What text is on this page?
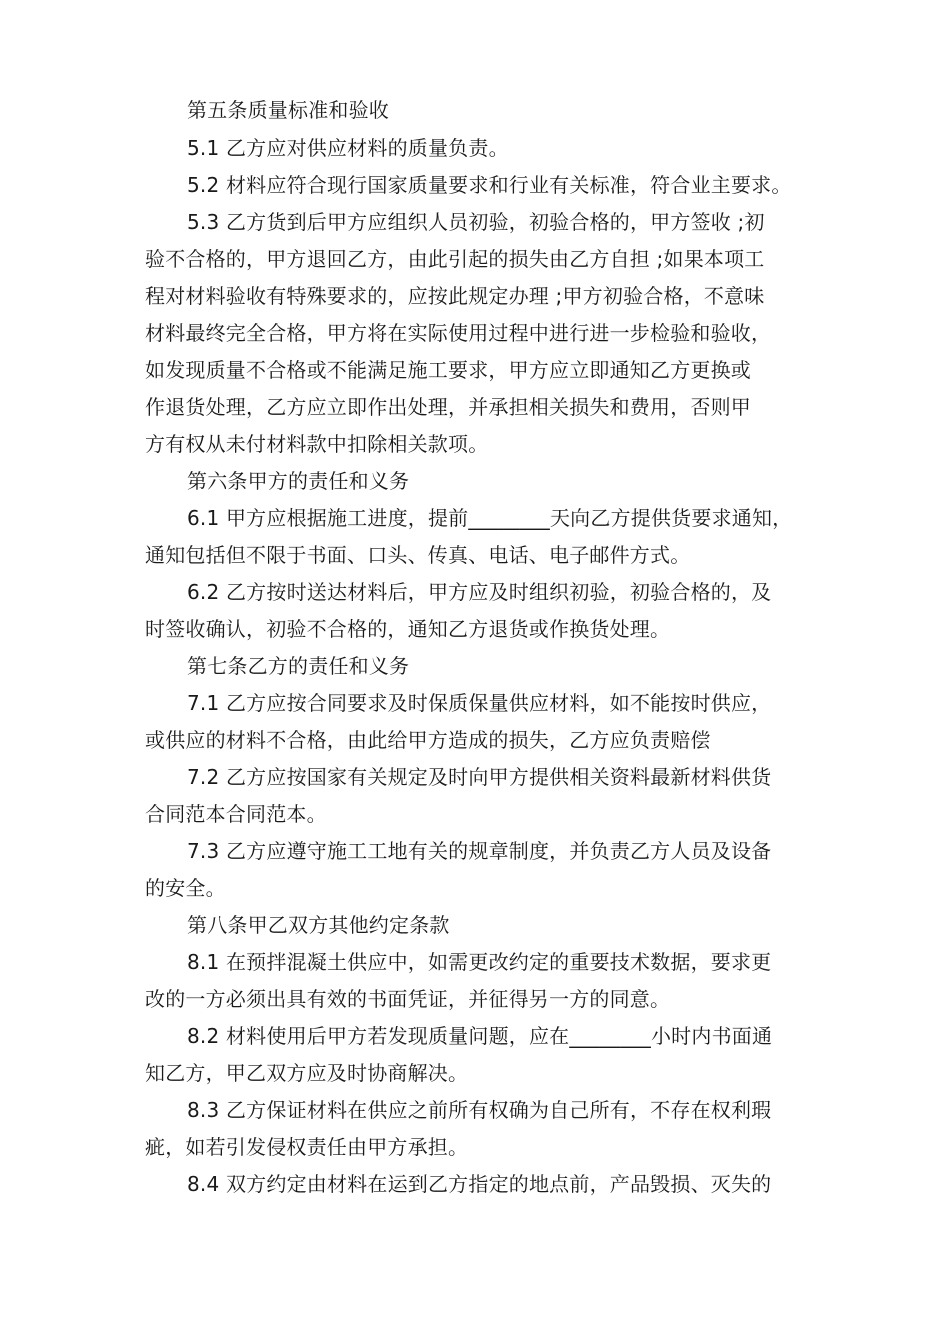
第五条质量标准和验收
5.1 乙方应对供应材料的质量负责。
5.2 材料应符合现行国家质量要求和行业有关标准，符合业主要求。
5.3 乙方货到后甲方应组织人员初验，初验合格的，甲方签收 ;初
验不合格的，甲方退回乙方，由此引起的损失由乙方自担 ;如果本项工
程对材料验收有特殊要求的，应按此规定办理 ;甲方初验合格，不意味
材料最终完全合格，甲方将在实际使用过程中进行进一步检验和验收，
如发现质量不合格或不能满足施工要求，甲方应立即通知乙方更换或
作退货处理，乙方应立即作出处理，并承担相关损失和费用，否则甲
方有权从未付材料款中扣除相关款项。
第六条甲方的责任和义务
6.1 甲方应根据施工进度，提前________天向乙方提供货要求通知，
通知包括但不限于书面、口头、传真、电话、电子邮件方式。
6.2 乙方按时送达材料后，甲方应及时组织初验，初验合格的，及
时签收确认，初验不合格的，通知乙方退货或作换货处理。
第七条乙方的责任和义务
7.1 乙方应按合同要求及时保质保量供应材料，如不能按时供应，
或供应的材料不合格，由此给甲方造成的损失，乙方应负责赔偿
7.2 乙方应按国家有关规定及时向甲方提供相关资料最新材料供货
合同范本合同范本。
7.3 乙方应遵守施工工地有关的规章制度，并负责乙方人员及设备
的安全。
第八条甲乙双方其他约定条款
8.1 在预拌混凝土供应中，如需更改约定的重要技术数据，要求更
改的一方必须出具有效的书面凭证，并征得另一方的同意。
8.2 材料使用后甲方若发现质量问题，应在________小时内书面通
知乙方，甲乙双方应及时协商解决。
8.3 乙方保证材料在供应之前所有权确为自己所有，不存在权利瑕
疵，如若引发侵权责任由甲方承担。
8.4 双方约定由材料在运到乙方指定的地点前，产品毁损、灭失的
